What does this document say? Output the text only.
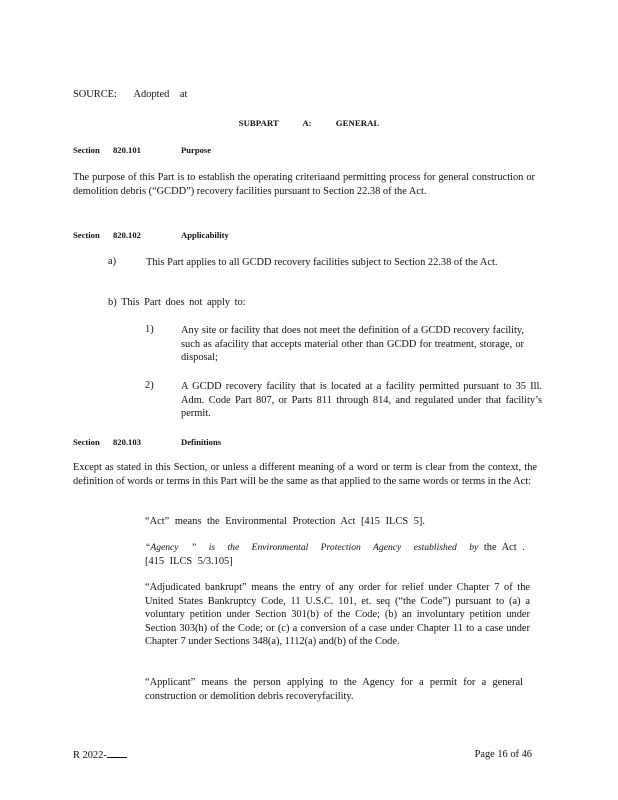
SOURCE: Adopted at
SUBPART A: GENERAL
Section 820.101	Purpose
The purpose of this Part is to establish the operating criteriaand permitting process for general construction or demolition debris (“GCDD”) recovery facilities pursuant to Section 22.38 of the Act.
Section 820.102	Applicability
a)	This Part applies to all GCDD recovery facilities subject to Section 22.38 of the Act.
b) This Part does not apply to:
1)	Any site or facility that does not meet the definition of a GCDD recovery facility, such as afacility that accepts material other than GCDD for treatment, storage, or disposal;
2)	A GCDD recovery facility that is located at a facility permitted pursuant to 35 Ill. Adm. Code Part 807, or Parts 811 through 814, and regulated under that facility’s permit.
Section 820.103	Definitions
Except as stated in this Section, or unless a different meaning of a word or term is clear from the context, the definition of words or terms in this Part will be the same as that applied to the same words or terms in the Act:
“Act” means the Environmental Protection Act [415 ILCS 5].
“Agency ” is the Environmental Protection Agency established by the Act . [415 ILCS 5/3.105]
“Adjudicated bankrupt” means the entry of any order for relief under Chapter 7 of the United States Bankruptcy Code, 11 U.S.C. 101, et. seq (“the Code”) pursuant to (a) a voluntary petition under Section 301(b) of the Code; (b) an involuntary petition under Section 303(h) of the Code; or (c) a conversion of a case under Chapter 11 to a case under Chapter 7 under Sections 348(a), 1112(a) and(b) of the Code.
“Applicant” means the person applying to the Agency for a permit for a general construction or demolition debris recoveryfacility.
R 2022-	Page 16 of 46
